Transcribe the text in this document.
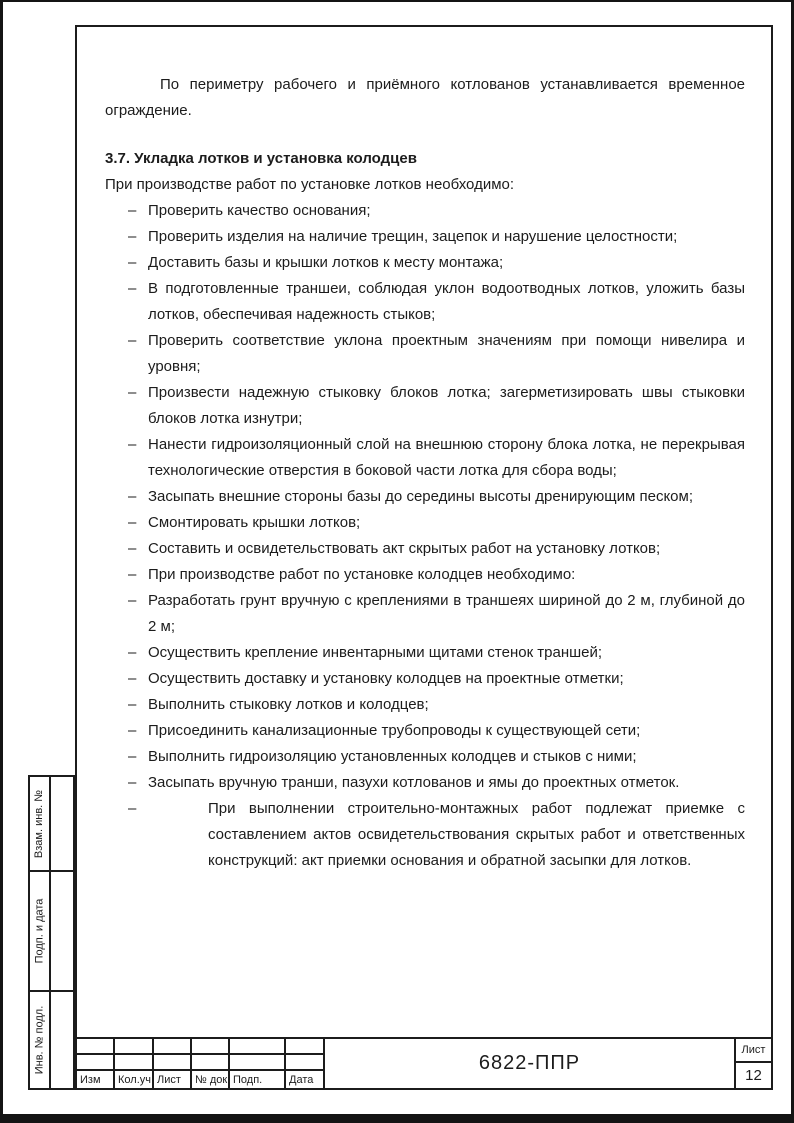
По периметру рабочего и приёмного котлованов устанавливается временное ограждение.

3.7. Укладка лотков и установка колодцев

При производстве работ по установке лотков необходимо:

– Проверить качество основания;
– Проверить изделия на наличие трещин, зацепок и нарушение целостности;
– Доставить базы и крышки лотков к месту монтажа;
– В подготовленные траншеи, соблюдая уклон водоотводных лотков, уложить базы лотков, обеспечивая надежность стыков;
– Проверить соответствие уклона проектным значениям при помощи нивелира и уровня;
– Произвести надежную стыковку блоков лотка; загерметизировать швы стыковки блоков лотка изнутри;
– Нанести гидроизоляционный слой на внешнюю сторону блока лотка, не перекрывая технологические отверстия в боковой части лотка для сбора воды;
– Засыпать внешние стороны базы до середины высоты дренирующим песком;
– Смонтировать крышки лотков;
– Составить и освидетельствовать акт скрытых работ на установку лотков;
– При производстве работ по установке колодцев необходимо:
– Разработать грунт вручную с креплениями в траншеях шириной до 2 м, глубиной до 2 м;
– Осуществить крепление инвентарными щитами стенок траншей;
– Осуществить доставку и установку колодцев на проектные отметки;
– Выполнить стыковку лотков и колодцев;
– Присоединить канализационные трубопроводы к существующей сети;
– Выполнить гидроизоляцию установленных колодцев и стыков с ними;
– Засыпать вручную транши, пазухи котлованов и ямы до проектных отметок.
–	При выполнении строительно-монтажных работ подлежат приемке с составлением актов освидетельствования скрытых работ и ответственных конструкций: акт приемки основания и обратной засыпки для лотков.
Взам. инв. №
Подп. и дата
Инв. № подл.
Изм	Кол.уч Лист	№ док Подп.	Дата
6822-ППР
Лист
12
